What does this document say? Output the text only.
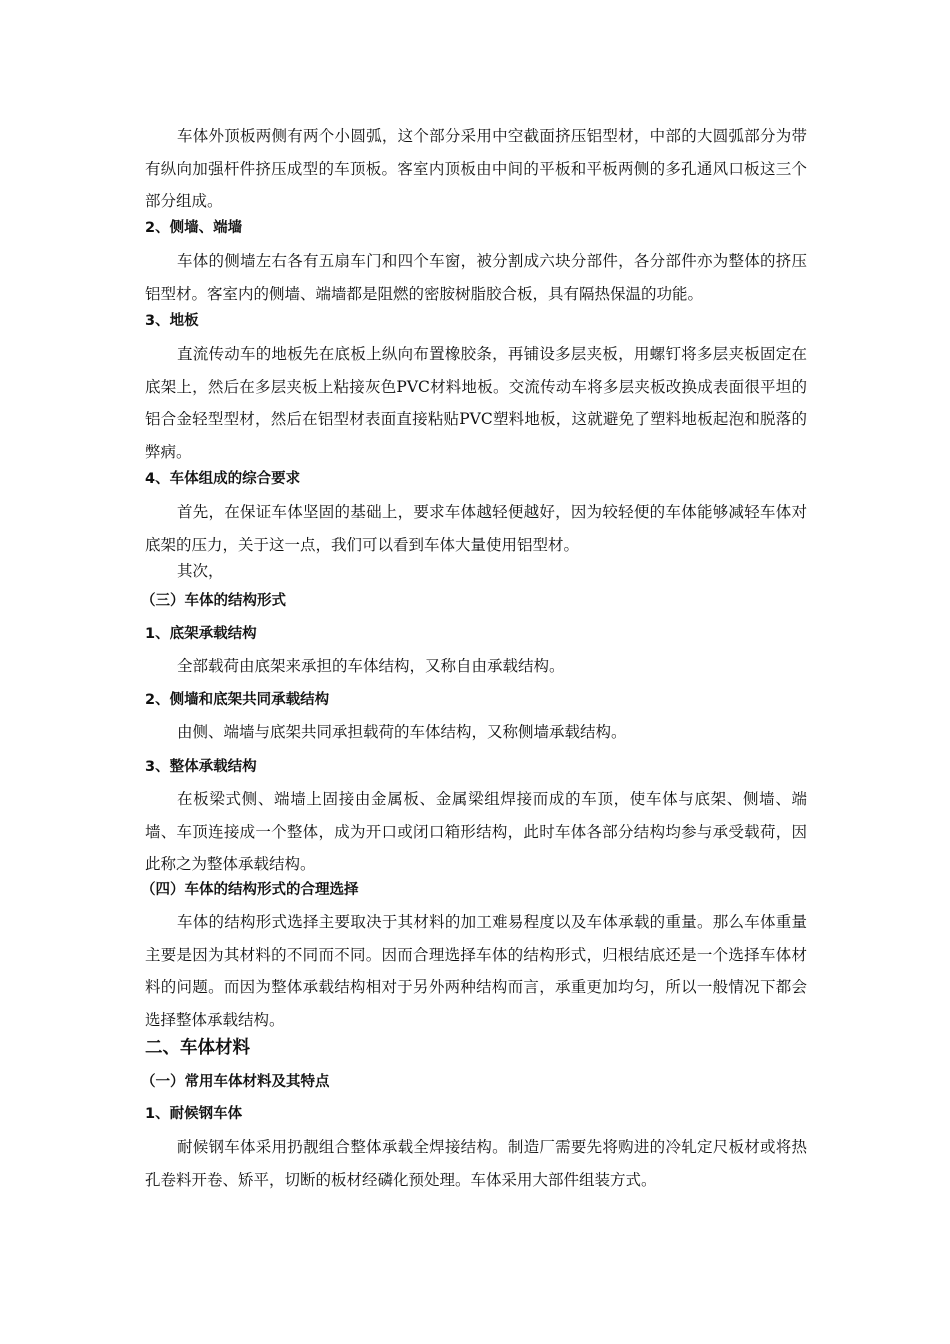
车体外顶板两侧有两个小圆弧，这个部分采用中空截面挤压铝型材，中部的大圆弧部分为带有纵向加强杆件挤压成型的车顶板。客室内顶板由中间的平板和平板两侧的多孔通风口板这三个部分组成。

2、侧墙、端墙

车体的侧墙左右各有五扇车门和四个车窗，被分割成六块分部件，各分部件亦为整体的挤压铝型材。客室内的侧墙、端墙都是阻燃的密胺树脂胶合板，具有隔热保温的功能。

3、地板

直流传动车的地板先在底板上纵向布置橡胶条，再铺设多层夹板，用螺钉将多层夹板固定在底架上，然后在多层夹板上粘接灰色PVC材料地板。交流传动车将多层夹板改换成表面很平坦的铝合金轻型型材，然后在铝型材表面直接粘贴PVC塑料地板，这就避免了塑料地板起泡和脱落的弊病。

4、车体组成的综合要求

首先，在保证车体坚固的基础上，要求车体越轻便越好，因为较轻便的车体能够减轻车体对底架的压力，关于这一点，我们可以看到车体大量使用铝型材。

其次，

（三）车体的结构形式
1、底架承载结构

全部载荷由底架来承担的车体结构，又称自由承载结构。

2、侧墙和底架共同承载结构

由侧、端墙与底架共同承担载荷的车体结构，又称侧墙承载结构。

3、整体承载结构

在板梁式侧、端墙上固接由金属板、金属梁组焊接而成的车顶，使车体与底架、侧墙、端墙、车顶连接成一个整体，成为开口或闭口箱形结构，此时车体各部分结构均参与承受载荷，因此称之为整体承载结构。

（四）车体的结构形式的合理选择

车体的结构形式选择主要取决于其材料的加工难易程度以及车体承载的重量。那么车体重量主要是因为其材料的不同而不同。因而合理选择车体的结构形式，归根结底还是一个选择车体材料的问题。而因为整体承载结构相对于另外两种结构而言，承重更加均匀，所以一般情况下都会选择整体承载结构。

二、车体材料
（一）常用车体材料及其特点
1、耐候钢车体

耐候钢车体采用扔靓组合整体承载全焊接结构。制造厂需要先将购进的冷轧定尺板材或将热孔卷料开卷、矫平，切断的板材经磷化预处理。车体采用大部件组装方式。
